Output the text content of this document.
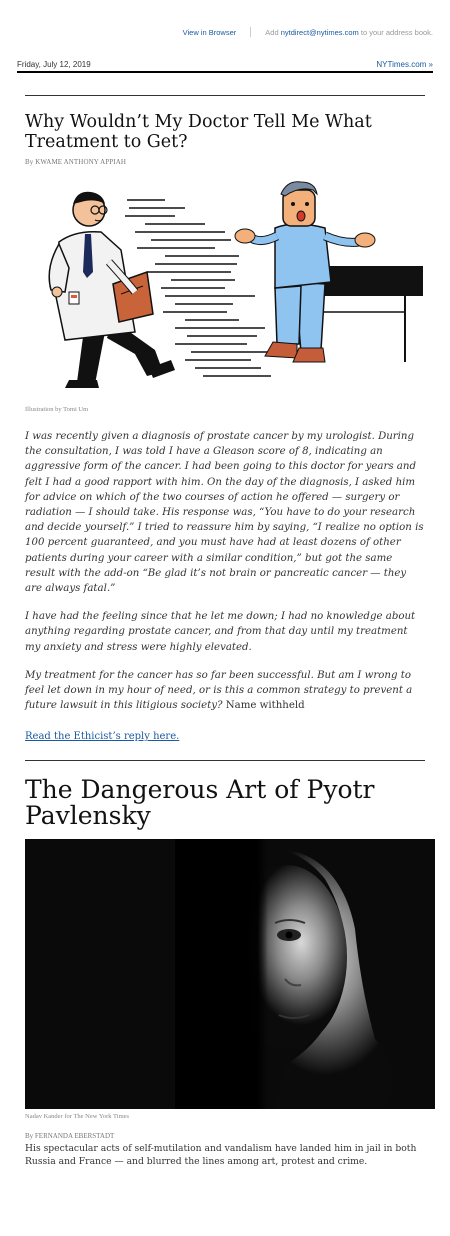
View in Browser	Add nytdirect@nytimes.com to your address book.
Friday, July 12, 2019	NYTimes.com »
Why Wouldn’t My Doctor Tell Me What Treatment to Get?
By KWAME ANTHONY APPIAH
Illustration by Tomi Um

I was recently given a diagnosis of prostate cancer by my urologist. During the consultation, I was told I have a Gleason score of 8, indicating an aggressive form of the cancer. I had been going to this doctor for years and felt I had a good rapport with him. On the day of the diagnosis, I asked him for advice on which of the two courses of action he offered — surgery or radiation — I should take. His response was, “You have to do your research and decide yourself.” I tried to reassure him by saying, “I realize no option is 100 percent guaranteed, and you must have had at least dozens of other patients during your career with a similar condition,” but got the same result with the add-on “Be glad it’s not brain or pancreatic cancer — they are always fatal.”

I have had the feeling since that he let me down; I had no knowledge about anything regarding prostate cancer, and from that day until my treatment my anxiety and stress were highly elevated.

My treatment for the cancer has so far been successful. But am I wrong to feel let down in my hour of need, or is this a common strategy to prevent a future lawsuit in this litigious society? Name withheld

Read the Ethicist’s reply here.
The Dangerous Art of Pyotr Pavlensky
Nadav Kander for The New York Times
By FERNANDA EBERSTADT

His spectacular acts of self-mutilation and vandalism have landed him in jail in both Russia and France — and blurred the lines among art, protest and crime.
